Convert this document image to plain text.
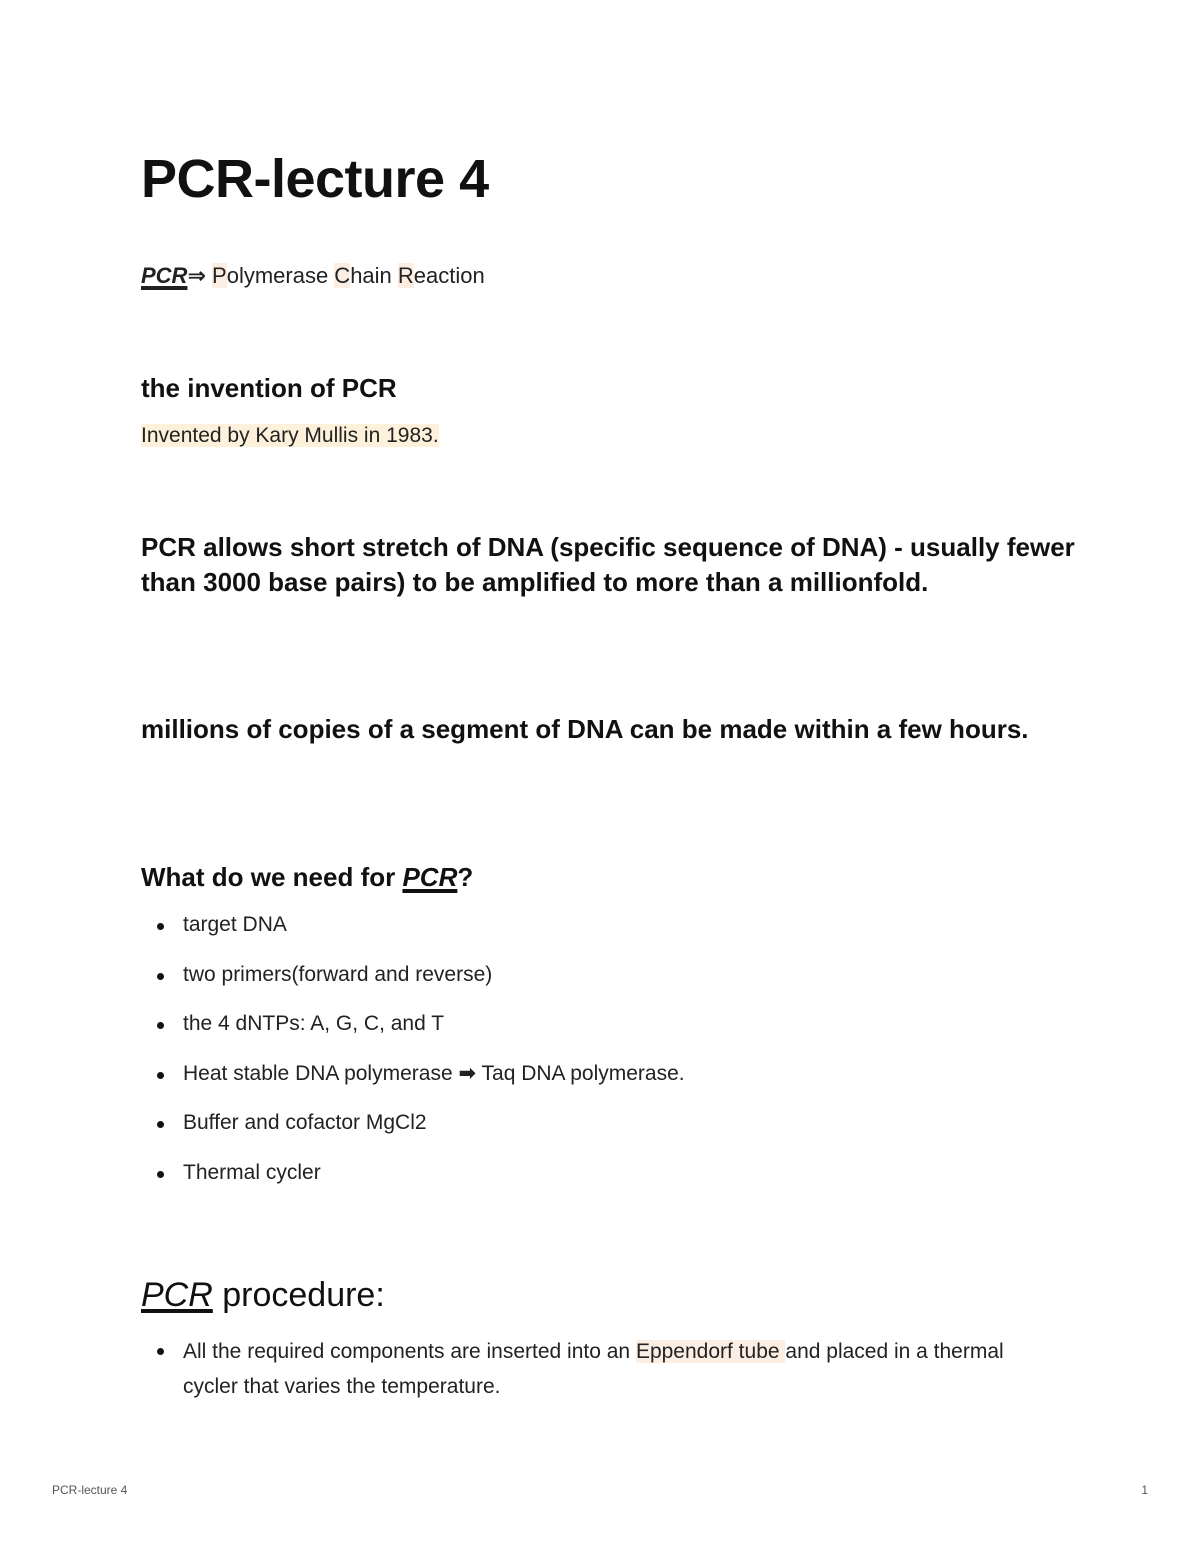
PCR-lecture 4
PCR⇒ Polymerase Chain Reaction
the invention of PCR
Invented by Kary Mullis in 1983.

PCR allows short stretch of DNA (specific sequence of DNA) - usually fewer than 3000 base pairs) to be amplified to more than a millionfold.

millions of copies of a segment of DNA can be made within a few hours.

What do we need for PCR?
target DNA
two primers(forward and reverse)
the 4 dNTPs: A, G, C, and T
Heat stable DNA polymerase ➡ Taq DNA polymerase.
Buffer and cofactor MgCl2
Thermal cycler
PCR procedure:
All the required components are inserted into an Eppendorf tube and placed in a thermal cycler that varies the temperature.
PCR-lecture 4	1
